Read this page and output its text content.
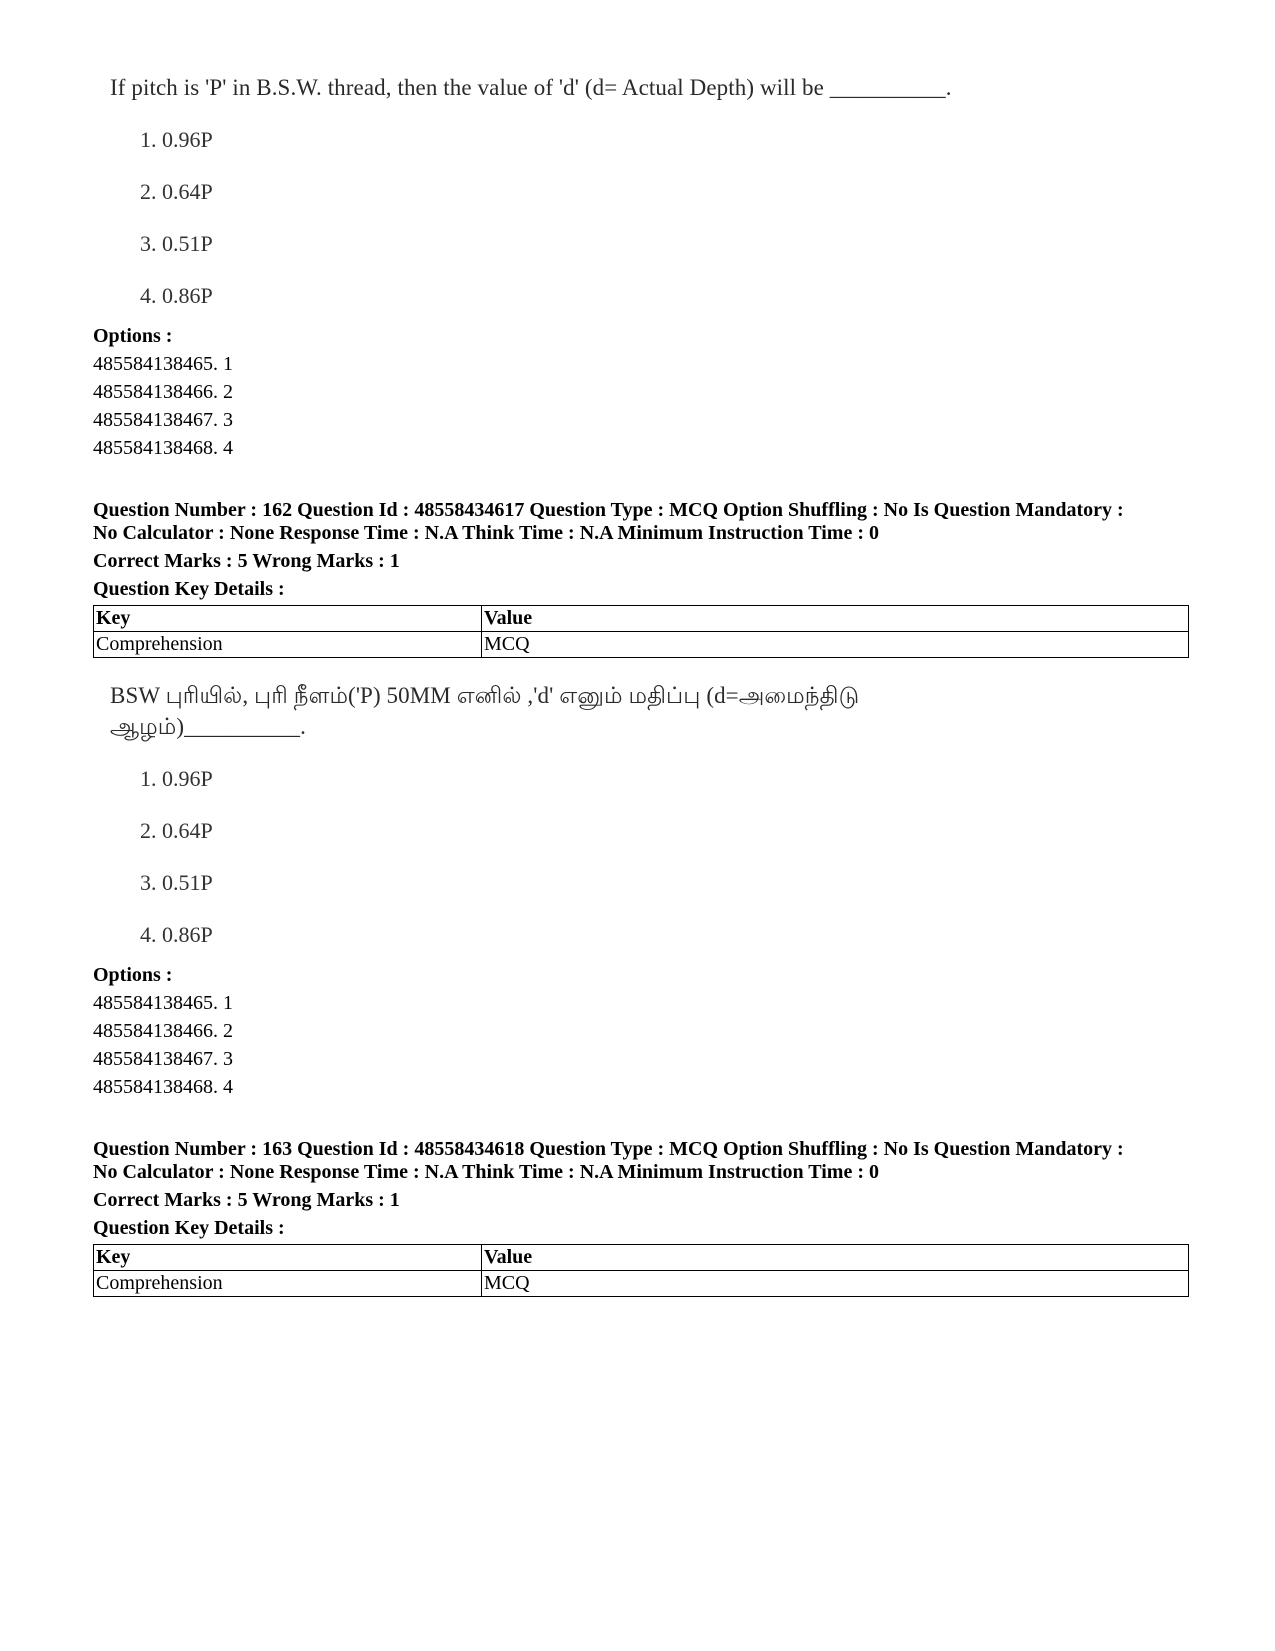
If pitch is 'P' in B.S.W. thread, then the value of 'd' (d= Actual Depth) will be __________.
1. 0.96P
2. 0.64P
3. 0.51P
4. 0.86P
Options :
485584138465. 1
485584138466. 2
485584138467. 3
485584138468. 4
Question Number : 162 Question Id : 48558434617 Question Type : MCQ Option Shuffling : No Is Question Mandatory :
No Calculator : None Response Time : N.A Think Time : N.A Minimum Instruction Time : 0
Correct Marks : 5 Wrong Marks : 1
Question Key Details :
Key	Value
Comprehension	MCQ
BSW புரியில், புரி நீளம்('P) 50MM எனில் ,'d' எனும் மதிப்பு (d=அமைந்திடு
ஆழம்)__________.
1. 0.96P
2. 0.64P
3. 0.51P
4. 0.86P
Options :
485584138465. 1
485584138466. 2
485584138467. 3
485584138468. 4
Question Number : 163 Question Id : 48558434618 Question Type : MCQ Option Shuffling : No Is Question Mandatory :
No Calculator : None Response Time : N.A Think Time : N.A Minimum Instruction Time : 0
Correct Marks : 5 Wrong Marks : 1
Question Key Details :
Key	Value
Comprehension	MCQ
